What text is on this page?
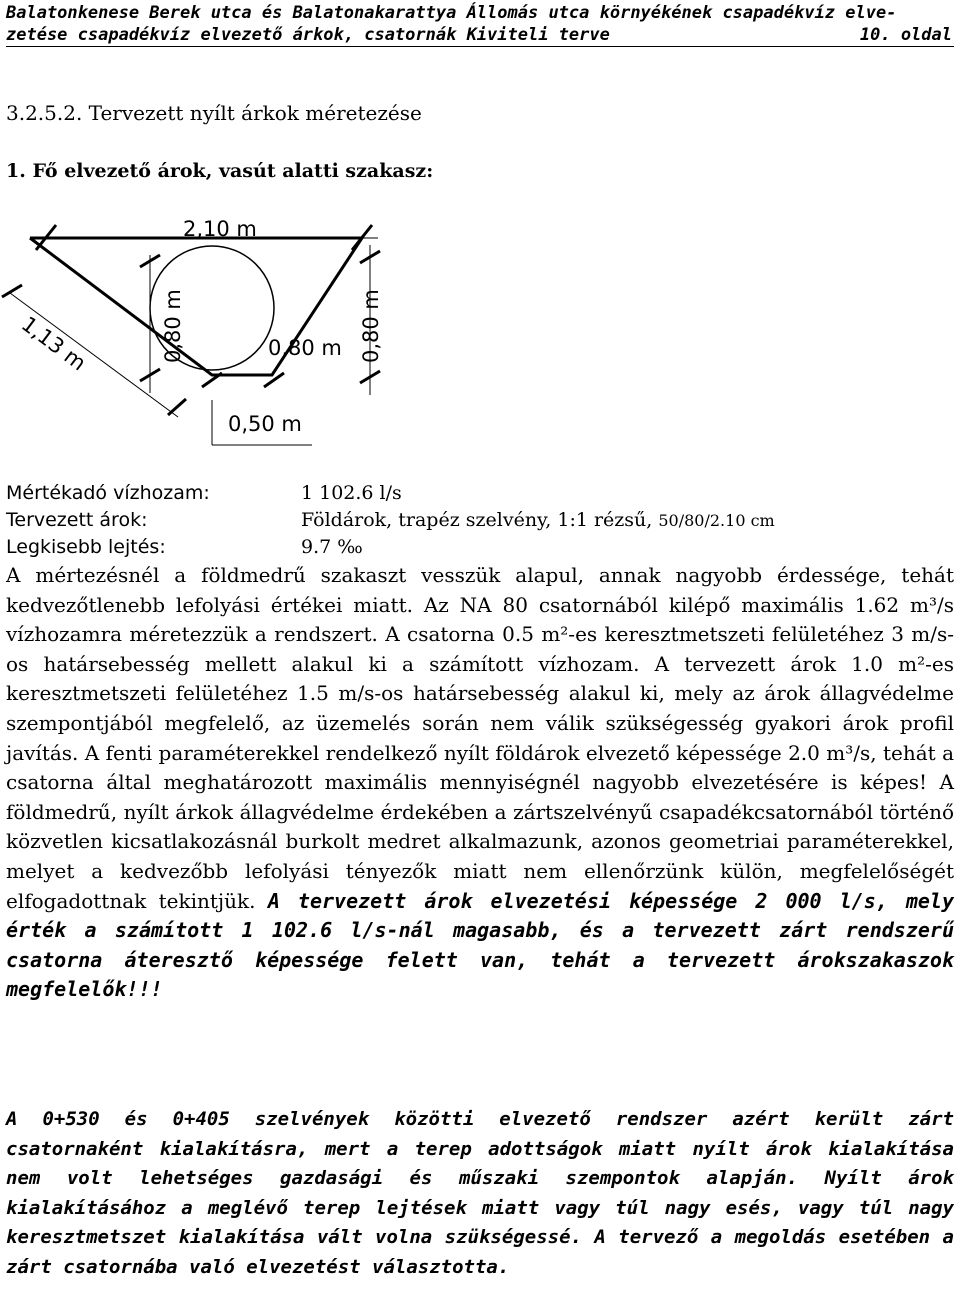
Balatonkenese Berek utca és Balatonakarattya Állomás utca környékének csapadékvíz elve-
zetése csapadékvíz elvezető árkok, csatornák Kiviteli terve	10. oldal
3.2.5.2. Tervezett nyílt árkok méretezése
1. Fő elvezető árok, vasút alatti szakasz:
2,10 m
1,13 m	0,80 m	0,80 m 0,80 m
0,50 m
Mértékadó vízhozam:	1 102.6 l/s
Tervezett árok:	Földárok, trapéz szelvény, 1:1 rézsű, 50/80/2.10 cm
Legkisebb lejtés:	9.7 ‰

A mértezésnél a földmedrű szakaszt vesszük alapul, annak nagyobb érdessége, tehát kedvezőtlenebb lefolyási értékei miatt. Az NA 80 csatornából kilépő maximális 1.62 m³/s vízhozamra méretezzük a rendszert. A csatorna 0.5 m²-es keresztmetszeti felületéhez 3 m/s-os határsebesség mellett alakul ki a számított vízhozam. A tervezett árok 1.0 m²-es keresztmetszeti felületéhez 1.5 m/s-os határsebesség alakul ki, mely az árok állagvédelme szempontjából megfelelő, az üzemelés során nem válik szükségesség gyakori árok profil javítás. A fenti paraméterekkel rendelkező nyílt földárok elvezető képessége 2.0 m³/s, tehát a csatorna által meghatározott maximális mennyiségnél nagyobb elvezetésére is képes! A földmedrű, nyílt árkok állagvédelme érdekében a zártszelvényű csapadékcsatornából történő közvetlen kicsatlakozásnál burkolt medret alkalmazunk, azonos geometriai paraméterekkel, melyet a kedvezőbb lefolyási tényezők miatt nem ellenőrzünk külön, megfelelőségét elfogadottnak tekintjük. A tervezett árok elvezetési képessége 2 000 l/s, mely érték a számított 1 102.6 l/s-nál magasabb, és a tervezett zárt rendszerű csatorna áteresztő képessége felett van, tehát a tervezett árokszakaszok megfelelők!!!

A 0+530 és 0+405 szelvények közötti elvezető rendszer azért került zárt csatornaként kialakításra, mert a terep adottságok miatt nyílt árok kialakítása nem volt lehetséges gazdasági és műszaki szempontok alapján. Nyílt árok kialakításához a meglévő terep lejtések miatt vagy túl nagy esés, vagy túl nagy keresztmetszet kialakítása vált volna szükségessé. A tervező a megoldás esetében a zárt csatornába való elvezetést választotta.
